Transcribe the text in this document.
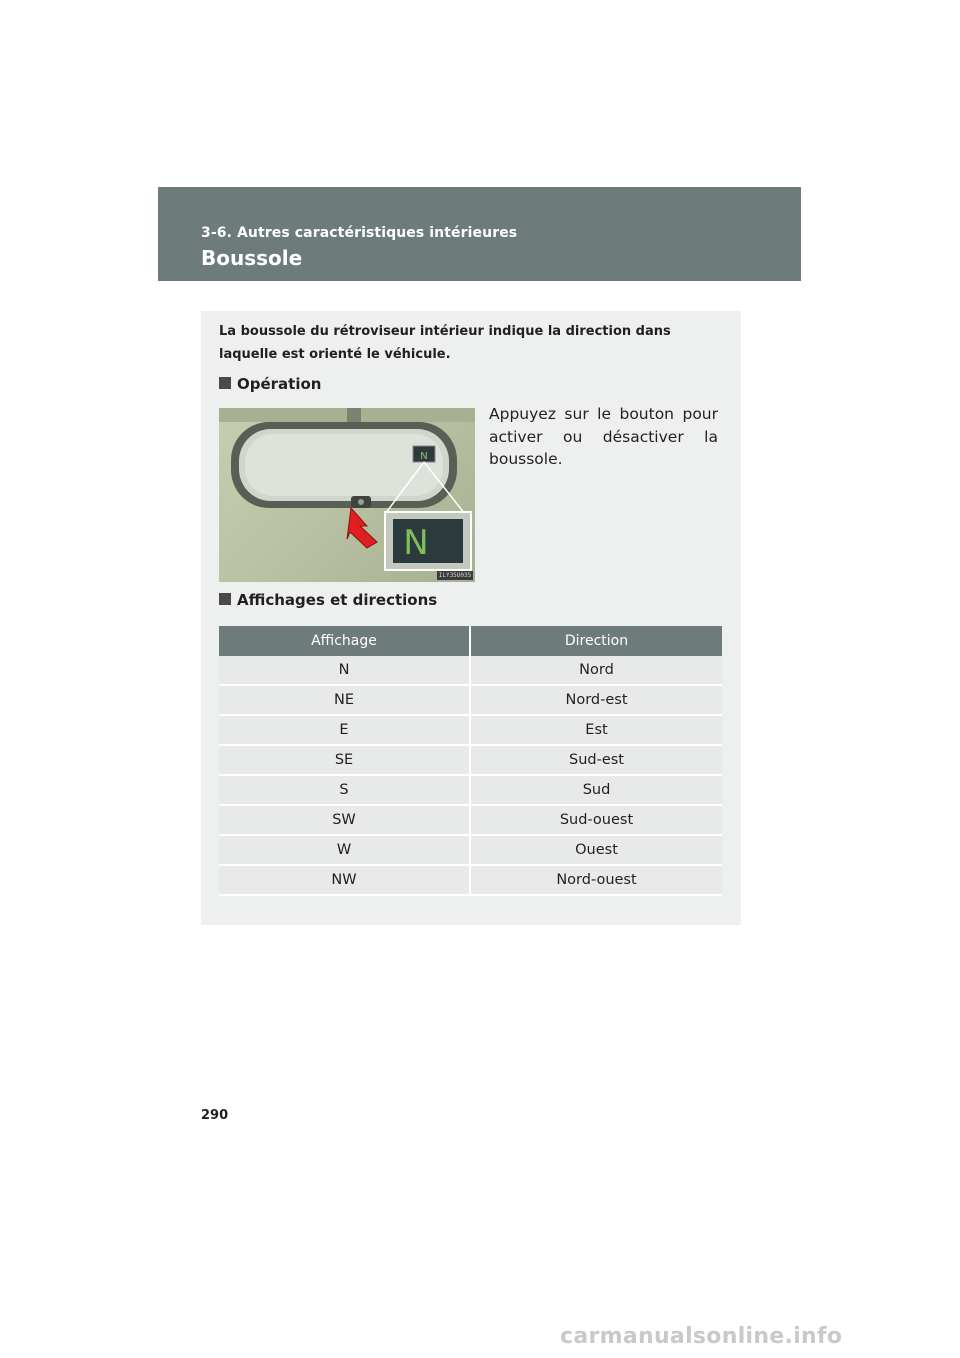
3-6. Autres caractéristiques intérieures
Boussole
La boussole du rétroviseur intérieur indique la direction dans laquelle est orienté le véhicule.
Opération
N
N
ILY35U035
Appuyez sur le bouton pour activer ou désactiver la boussole.
Affichages et directions
Affichage	Direction
N	Nord
NE	Nord-est
E	Est
SE	Sud-est
S	Sud
SW	Sud-ouest
W	Ouest
NW	Nord-ouest
290
carmanualsonline.info
